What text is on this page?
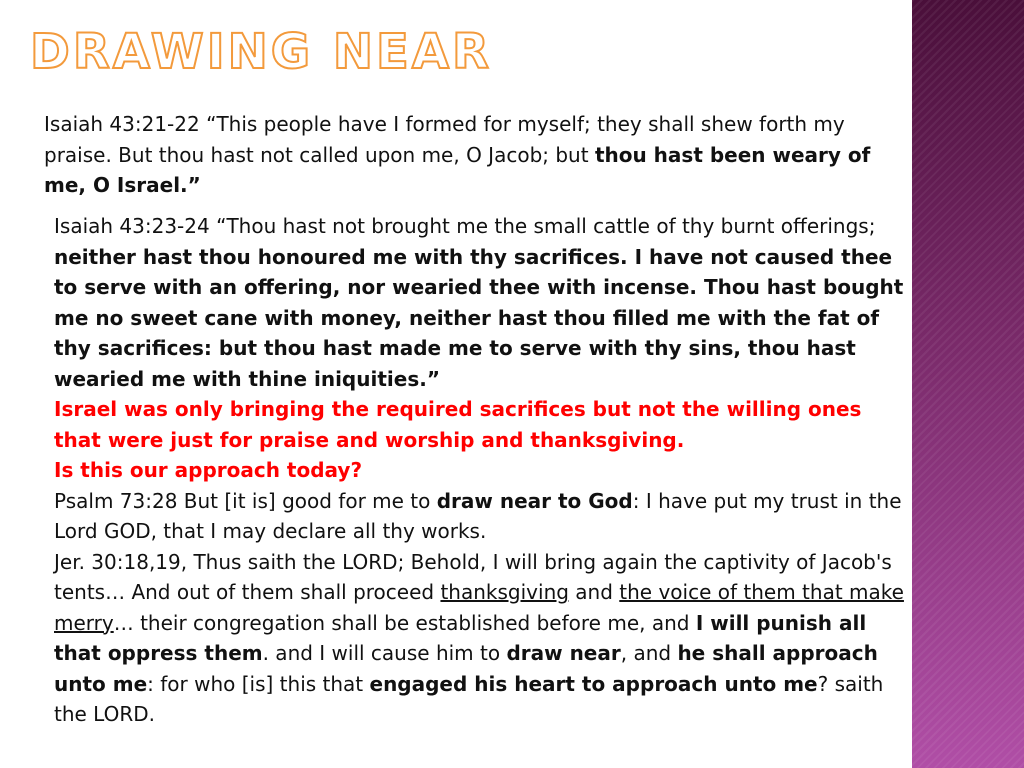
DRAWING NEAR

Isaiah 43:21-22 “This people have I formed for myself; they shall shew forth my praise. But thou hast not called upon me, O Jacob; but thou hast been weary of me, O Israel.”

Isaiah 43:23-24 “Thou hast not brought me the small cattle of thy burnt offerings; neither hast thou honoured me with thy sacrifices. I have not caused thee to serve with an offering, nor wearied thee with incense. Thou hast bought me no sweet cane with money, neither hast thou filled me with the fat of thy sacrifices: but thou hast made me to serve with thy sins, thou hast wearied me with thine iniquities.”
Israel was only bringing the required sacrifices but not the willing ones that were just for praise and worship and thanksgiving.
Is this our approach today?
Psalm 73:28 But [it is] good for me to draw near to God: I have put my trust in the Lord GOD, that I may declare all thy works.
Jer. 30:18,19, Thus saith the LORD; Behold, I will bring again the captivity of Jacob's tents… And out of them shall proceed thanksgiving and the voice of them that make merry… their congregation shall be established before me, and I will punish all that oppress them. and I will cause him to draw near, and he shall approach unto me: for who [is] this that engaged his heart to approach unto me? saith the LORD.
